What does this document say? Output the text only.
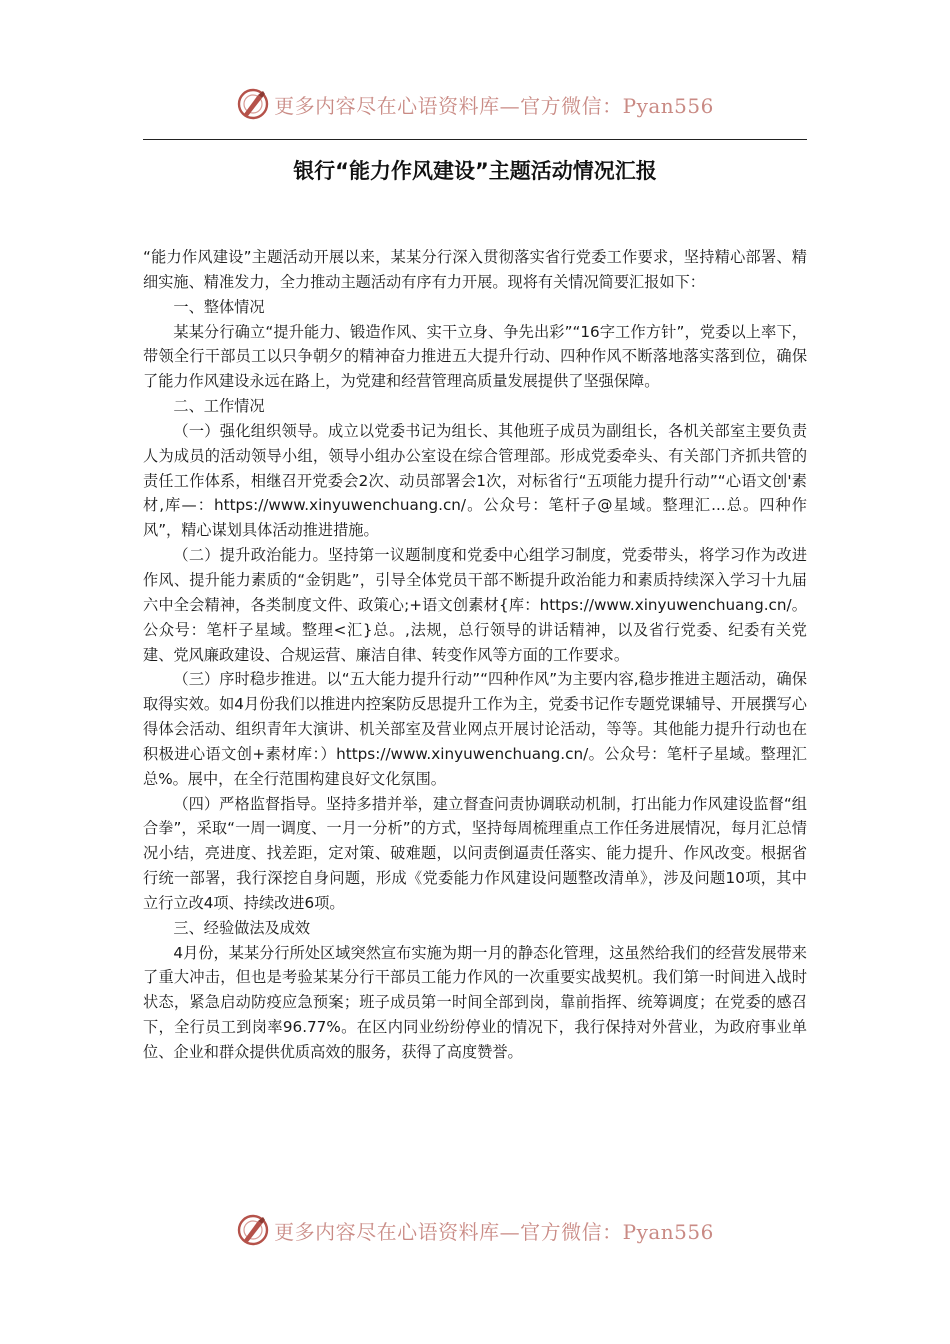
更多内容尽在心语资料库—官方微信：Pyan556
银行“能力作风建设”主题活动情况汇报

“能力作风建设”主题活动开展以来，某某分行深入贯彻落实省行党委工作要求，坚持精心部署、精细实施、精准发力，全力推动主题活动有序有力开展。现将有关情况简要汇报如下：

一、整体情况

某某分行确立“提升能力、锻造作风、实干立身、争先出彩”“16字工作方针”，党委以上率下，带领全行干部员工以只争朝夕的精神奋力推进五大提升行动、四种作风不断落地落实落到位，确保了能力作风建设永远在路上，为党建和经营管理高质量发展提供了坚强保障。

二、工作情况

（一）强化组织领导。成立以党委书记为组长、其他班子成员为副组长，各机关部室主要负责人为成员的活动领导小组，领导小组办公室设在综合管理部。形成党委牵头、有关部门齐抓共管的责任工作体系，相继召开党委会2次、动员部署会1次，对标省行“五项能力提升行动”“心语文创'素材,库—：https://www.xinyuwenchuang.cn/。公众号：笔杆子@星域。整理汇...总。四种作风”，精心谋划具体活动推进措施。

（二）提升政治能力。坚持第一议题制度和党委中心组学习制度，党委带头，将学习作为改进作风、提升能力素质的“金钥匙”，引导全体党员干部不断提升政治能力和素质持续深入学习十九届六中全会精神，各类制度文件、政策心;+语文创素材{库：https://www.xinyuwenchuang.cn/。公众号：笔杆子星域。整理<汇}总。,法规，总行领导的讲话精神，以及省行党委、纪委有关党建、党风廉政建设、合规运营、廉洁自律、转变作风等方面的工作要求。

（三）序时稳步推进。以“五大能力提升行动”“四种作风”为主要内容,稳步推进主题活动，确保取得实效。如4月份我们以推进内控案防反思提升工作为主，党委书记作专题党课辅导、开展撰写心得体会活动、组织青年大演讲、机关部室及营业网点开展讨论活动，等等。其他能力提升行动也在积极进心语文创+素材库：）https://www.xinyuwenchuang.cn/。公众号：笔杆子星域。整理汇总%。展中，在全行范围构建良好文化氛围。

（四）严格监督指导。坚持多措并举，建立督查问责协调联动机制，打出能力作风建设监督“组合拳”，采取“一周一调度、一月一分析”的方式，坚持每周梳理重点工作任务进展情况，每月汇总情况小结，亮进度、找差距，定对策、破难题，以问责倒逼责任落实、能力提升、作风改变。根据省行统一部署，我行深挖自身问题，形成《党委能力作风建设问题整改清单》，涉及问题10项，其中立行立改4项、持续改进6项。

三、经验做法及成效

4月份，某某分行所处区域突然宣布实施为期一月的静态化管理，这虽然给我们的经营发展带来了重大冲击，但也是考验某某分行干部员工能力作风的一次重要实战契机。我们第一时间进入战时状态，紧急启动防疫应急预案；班子成员第一时间全部到岗，靠前指挥、统筹调度；在党委的感召下，全行员工到岗率96.77%。在区内同业纷纷停业的情况下，我行保持对外营业，为政府事业单位、企业和群众提供优质高效的服务，获得了高度赞誉。

更多内容尽在心语资料库—官方微信：Pyan556
